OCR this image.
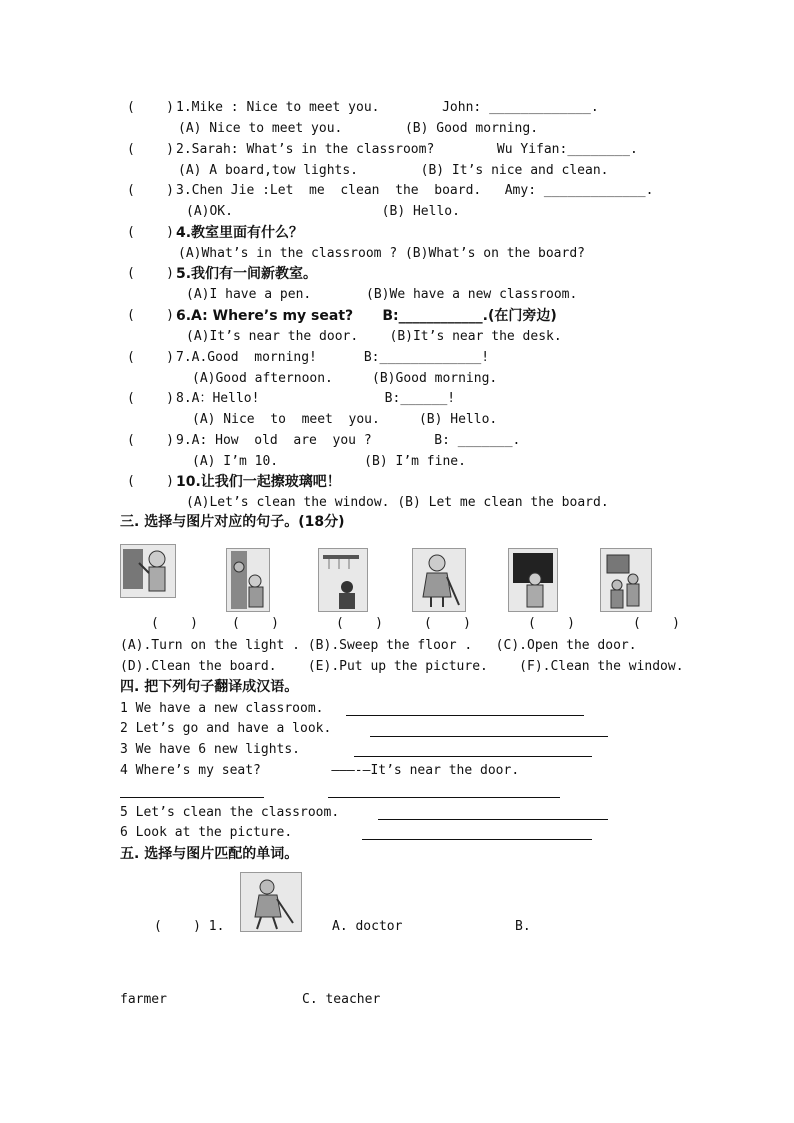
(    ) 1.Mike : Nice to meet you.        John: _____________.
(A) Nice to meet you.        (B) Good morning.
(    ) 2.Sarah: What’s in the classroom?        Wu Yifan:________.
(A) A board,tow lights.        (B) It’s nice and clean.
(    ) 3.Chen Jie :Let  me  clean  the  board.   Amy: _____________.
(A)OK.                   (B) Hello.
(    ) 4.教室里面有什么？
(A)What’s in the classroom ? (B)What’s on the board?
(    ) 5.我们有一间新教室。
(A)I have a pen.       (B)We have a new classroom.
(    ) 6.A: Where’s my seat?      B:____________.(在门旁边)
(A)It’s near the door.    (B)It’s near the desk.
(    ) 7.A.Good  morning!      B:_____________!
(A)Good afternoon.     (B)Good morning.
(    ) 8.A：Hello!                B:______!
(A) Nice  to  meet  you.     (B) Hello.
(    ) 9.A: How  old  are  you ?        B: _______.
(A) I’m 10.           (B) I’m fine.
(    ) 10.让我们一起擦玻璃吧！
(A)Let’s clean the window. (B) Let me clean the board.
三. 选择与图片对应的句子。(18分)
(    )	(    )	(    )	(    )	(    )	(    )
(A).Turn on the light . (B).Sweep the floor .   (C).Open the door.
(D).Clean the board.    (E).Put up the picture.    (F).Clean the window.
四. 把下列句子翻译成汉语。
1 We have a new classroom.
2 Let’s go and have a look.
3 We have 6 new lights.
4 Where’s my seat?         ———-—It’s near the door.
5 Let’s clean the classroom.
6 Look at the picture.
五. 选择与图片匹配的单词。
(    ) 1.	A. doctor	B.
farmer	C. teacher
